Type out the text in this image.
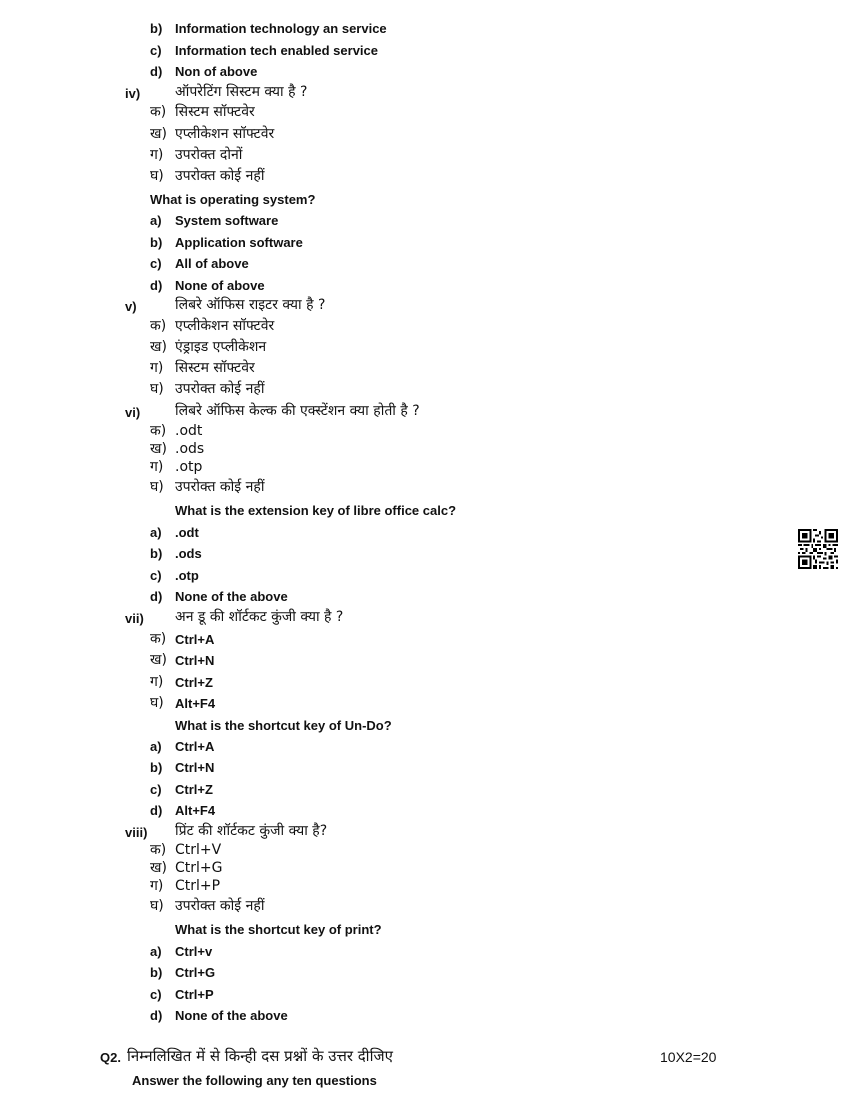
b) Information technology an service
c) Information tech enabled service
d) Non of above
iv) ऑपरेटिंग सिस्टम क्या है ?
क) सिस्टम सॉफ्टवेर
ख) एप्लीकेशन सॉफ्टवेर
ग) उपरोक्त दोनों
घ) उपरोक्त कोई नहीं
What is operating system?
a) System software
b) Application software
c) All of above
d) None of above
v)	लिबरे ऑफिस राइटर क्या है ?
क) एप्लीकेशन सॉफ्टवेर
ख) एंड्राइड एप्लीकेशन
ग) सिस्टम सॉफ्टवेर
घ) उपरोक्त कोई नहीं
vi) लिबरे ऑफिस केल्क की एक्स्टेंशन क्या होती है ?
क) .odt
ख) .ods
ग) .otp
घ) उपरोक्त कोई नहीं
What is the extension key of libre office calc?
a) .odt
b) .ods
c) .otp
d) None of the above
vii) अन डू की शॉर्टकट कुंजी क्या है ?
क) Ctrl+A
ख) Ctrl+N
ग) Ctrl+Z
घ) Alt+F4
What is the shortcut key of Un-Do?
a) Ctrl+A
b) Ctrl+N
c) Ctrl+Z
d) Alt+F4
viii) प्रिंट की शॉर्टकट कुंजी क्या है?
क) Ctrl+V
ख) Ctrl+G
ग) Ctrl+P
घ) उपरोक्त कोई नहीं
What is the shortcut key of print?
a) Ctrl+v
b) Ctrl+G
c) Ctrl+P
d) None of the above
Q2. निम्नलिखित में से किन्ही दस प्रश्नों के उत्तर दीजिए	10X2=20
Answer the following any ten questions
